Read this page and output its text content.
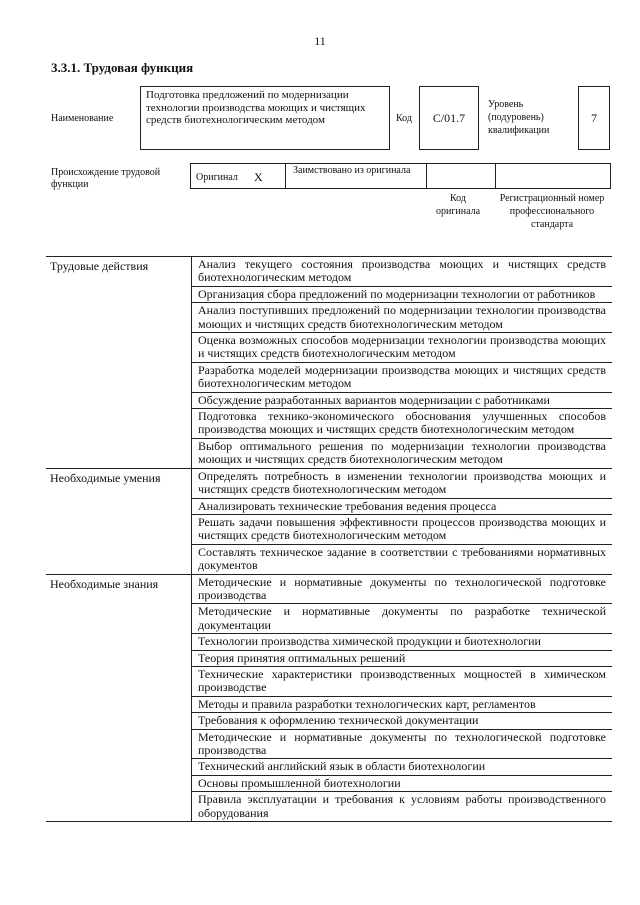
11
3.3.1. Трудовая функция
Наименование
Подготовка предложений по модернизации технологии производства моющих и чистящих средств биотехнологическим методом	Код C/01.7
Уровень (подуровень) квалификации
7
Происхождение трудовой функции
Оригинал X	Заимствовано из оригинала
Код оригинала
Регистрационный номер профессионального стандарта
Трудовые действия	Анализ текущего состояния производства моющих и чистящих средств биотехнологическим методом
Организация сбора предложений по модернизации технологии от работников
Анализ поступивших предложений по модернизации технологии производства моющих и чистящих средств биотехнологическим методом
Оценка возможных способов модернизации технологии производства моющих и чистящих средств биотехнологическим методом
Разработка моделей модернизации производства моющих и чистящих средств биотехнологическим методом
Обсуждение разработанных вариантов модернизации с работниками
Подготовка технико-экономического обоснования улучшенных способов производства моющих и чистящих средств биотехнологическим методом
Выбор оптимального решения по модернизации технологии производства моющих и чистящих средств биотехнологическим методом
Необходимые умения	Определять потребность в изменении технологии производства моющих и чистящих средств биотехнологическим методом
Анализировать технические требования ведения процесса
Решать задачи повышения эффективности процессов производства моющих и чистящих средств биотехнологическим методом
Составлять техническое задание в соответствии с требованиями нормативных документов
Необходимые знания	Методические и нормативные документы по технологической подготовке производства
Методические и нормативные документы по разработке технической документации
Технологии производства химической продукции и биотехнологии
Теория принятия оптимальных решений
Технические характеристики производственных мощностей в химическом производстве
Методы и правила разработки технологических карт, регламентов
Требования к оформлению технической документации
Методические и нормативные документы по технологической подготовке производства
Технический английский язык в области биотехнологии
Основы промышленной биотехнологии
Правила эксплуатации и требования к условиям работы производственного оборудования
